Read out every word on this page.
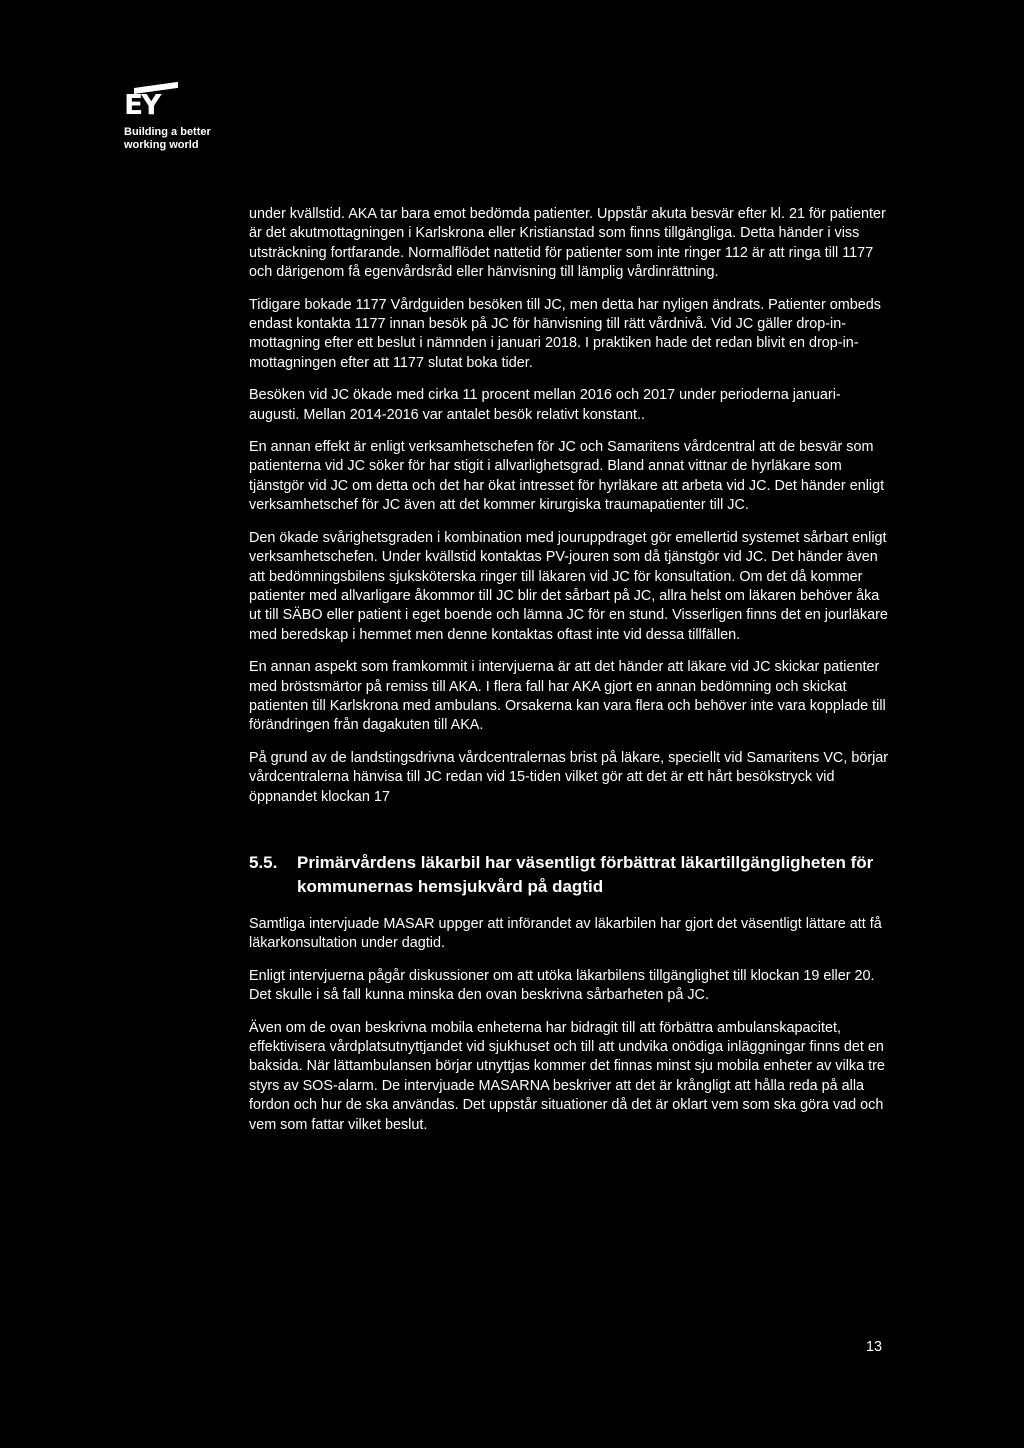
EY
Building a better
working world

under kvällstid. AKA tar bara emot bedömda patienter. Uppstår akuta besvär efter kl. 21 för patienter är det akutmottagningen i Karlskrona eller Kristianstad som finns tillgängliga. Detta händer i viss utsträckning fortfarande. Normalflödet nattetid för patienter som inte ringer 112 är att ringa till 1177 och därigenom få egenvårdsråd eller hänvisning till lämplig vårdinrättning.

Tidigare bokade 1177 Vårdguiden besöken till JC, men detta har nyligen ändrats. Patienter ombeds endast kontakta 1177 innan besök på JC för hänvisning till rätt vårdnivå. Vid JC gäller drop-in-mottagning efter ett beslut i nämnden i januari 2018. I praktiken hade det redan blivit en drop-in-mottagningen efter att 1177 slutat boka tider.

Besöken vid JC ökade med cirka 11 procent mellan 2016 och 2017 under perioderna januari-augusti. Mellan 2014-2016 var antalet besök relativt konstant..

En annan effekt är enligt verksamhetschefen för JC och Samaritens vårdcentral att de besvär som patienterna vid JC söker för har stigit i allvarlighetsgrad. Bland annat vittnar de hyrläkare som tjänstgör vid JC om detta och det har ökat intresset för hyrläkare att arbeta vid JC. Det händer enligt verksamhetschef för JC även att det kommer kirurgiska traumapatienter till JC.

Den ökade svårighetsgraden i kombination med jouruppdraget gör emellertid systemet sårbart enligt verksamhetschefen. Under kvällstid kontaktas PV-jouren som då tjänstgör vid JC. Det händer även att bedömningsbilens sjuksköterska ringer till läkaren vid JC för konsultation. Om det då kommer patienter med allvarligare åkommor till JC blir det sårbart på JC, allra helst om läkaren behöver åka ut till SÄBO eller patient i eget boende och lämna JC för en stund. Visserligen finns det en jourläkare med beredskap i hemmet men denne kontaktas oftast inte vid dessa tillfällen.

En annan aspekt som framkommit i intervjuerna är att det händer att läkare vid JC skickar patienter med bröstsmärtor på remiss till AKA. I flera fall har AKA gjort en annan bedömning och skickat patienten till Karlskrona med ambulans. Orsakerna kan vara flera och behöver inte vara kopplade till förändringen från dagakuten till AKA.

På grund av de landstingsdrivna vårdcentralernas brist på läkare, speciellt vid Samaritens VC, börjar vårdcentralerna hänvisa till JC redan vid 15-tiden vilket gör att det är ett hårt besökstryck vid öppnandet klockan 17

5.5.	Primärvårdens läkarbil har väsentligt förbättrat läkartillgängligheten för kommunernas hemsjukvård på dagtid

Samtliga intervjuade MASAR uppger att införandet av läkarbilen har gjort det väsentligt lättare att få läkarkonsultation under dagtid.

Enligt intervjuerna pågår diskussioner om att utöka läkarbilens tillgänglighet till klockan 19 eller 20. Det skulle i så fall kunna minska den ovan beskrivna sårbarheten på JC.

Även om de ovan beskrivna mobila enheterna har bidragit till att förbättra ambulanskapacitet, effektivisera vårdplatsutnyttjandet vid sjukhuset och till att undvika onödiga inläggningar finns det en baksida. När lättambulansen börjar utnyttjas kommer det finnas minst sju mobila enheter av vilka tre styrs av SOS-alarm. De intervjuade MASARNA beskriver att det är krångligt att hålla reda på alla fordon och hur de ska användas. Det uppstår situationer då det är oklart vem som ska göra vad och vem som fattar vilket beslut.

13
